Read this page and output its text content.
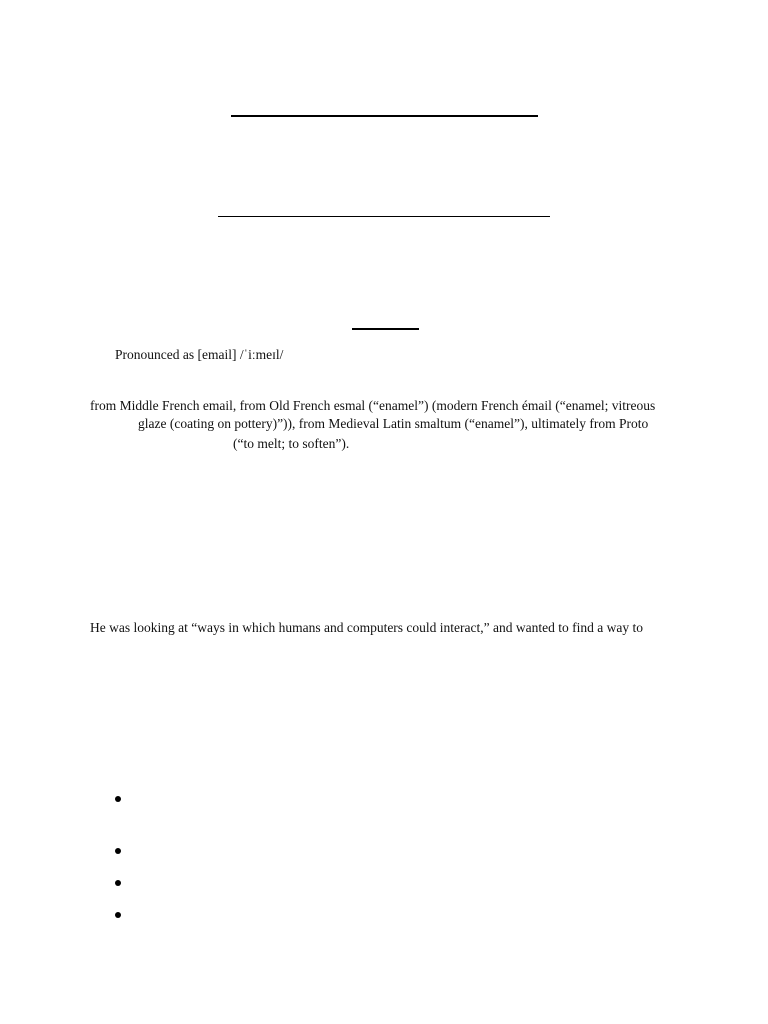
Pronounced as [email] /ˈiːmeɪl/
from Middle French email, from Old French esmal (“enamel”) (modern French émail (“enamel; vitreous
glaze (coating on pottery)”)), from Medieval Latin smaltum (“enamel”), ultimately from Proto
(“to melt; to soften”).
He was looking at “ways in which humans and computers could interact,” and wanted to find a way to
